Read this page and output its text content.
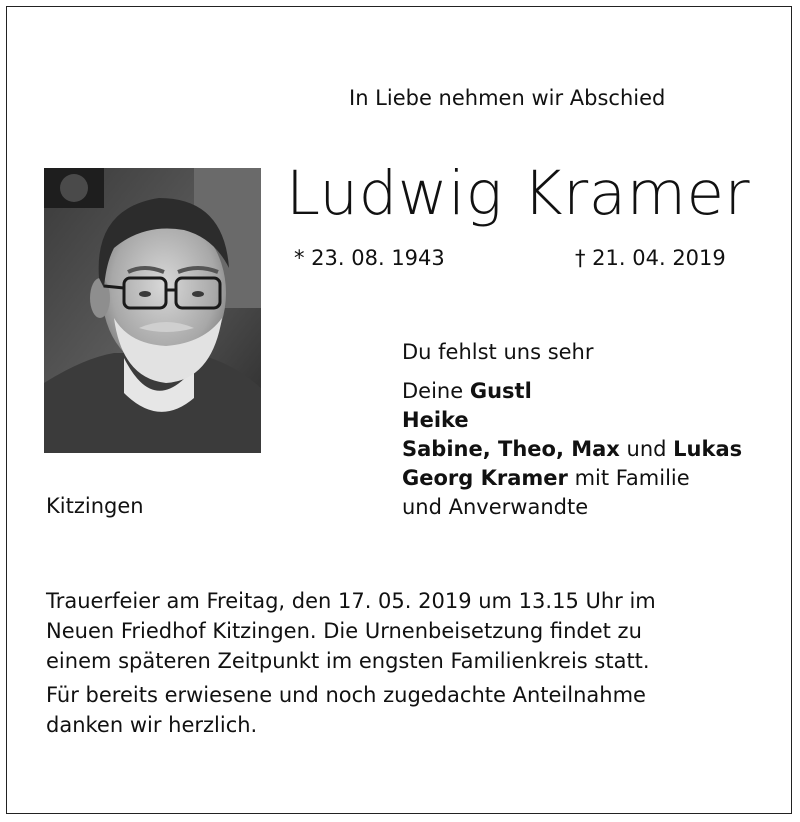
In Liebe nehmen wir Abschied
Ludwig Kramer
* 23. 08. 1943	† 21. 04. 2019
Du fehlst uns sehr
Deine Gustl
Heike
Sabine, Theo, Max und Lukas
Georg Kramer mit Familie
und Anverwandte
Kitzingen
Trauerfeier am Freitag, den 17. 05. 2019 um 13.15 Uhr im
Neuen Friedhof Kitzingen. Die Urnenbeisetzung findet zu
einem späteren Zeitpunkt im engsten Familienkreis statt.
Für bereits erwiesene und noch zugedachte Anteilnahme
danken wir herzlich.
